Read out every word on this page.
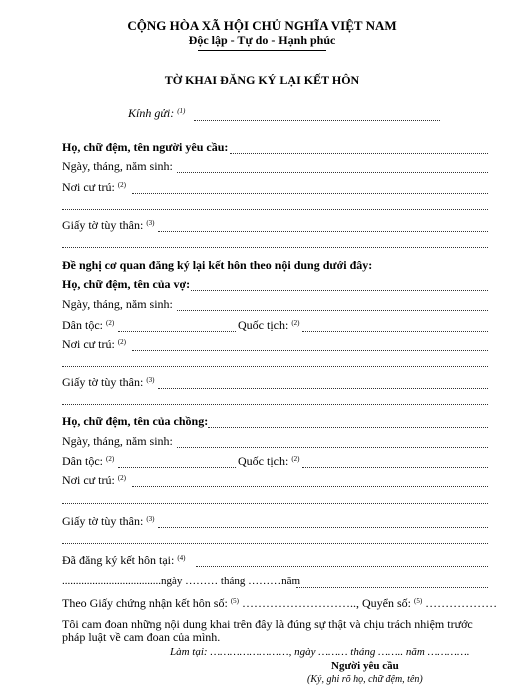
CỘNG HÒA XÃ HỘI CHỦ NGHĨA VIỆT NAM
Độc lập - Tự do - Hạnh phúc
TỜ KHAI ĐĂNG KÝ LẠI KẾT HÔN
Kính gửi: $^{(1)}$
Họ, chữ đệm, tên người yêu cầu:
Ngày, tháng, năm sinh:
Nơi cư trú: $^{(2)}$
Giấy tờ tùy thân: $^{(3)}$
Đề nghị cơ quan đăng ký lại kết hôn theo nội dung dưới đây:
Họ, chữ đệm, tên của vợ:
Ngày, tháng, năm sinh:
Dân tộc: $^{(2)}$	Quốc tịch: $^{(2)}$
Nơi cư trú: $^{(2)}$
Giấy tờ tùy thân: $^{(3)}$
Họ, chữ đệm, tên của chồng:
Ngày, tháng, năm sinh:
Dân tộc: $^{(2)}$	Quốc tịch: $^{(2)}$
Nơi cư trú: $^{(2)}$
Giấy tờ tùy thân: $^{(3)}$
Đã đăng ký kết hôn tại: $^{(4)}$
....................................ngày ……… tháng ………năm
Theo Giấy chứng nhận kết hôn số: $^{(5)}$ ……………………….., Quyển số: $^{(5)}$ ………………
Tôi cam đoan những nội dung khai trên đây là đúng sự thật và chịu trách nhiệm trước
pháp luật về cam đoan của mình.
Làm tại: ……………………, ngày ……… tháng …….. năm ………….
Người yêu cầu
(Ký, ghi rõ họ, chữ đệm, tên)
